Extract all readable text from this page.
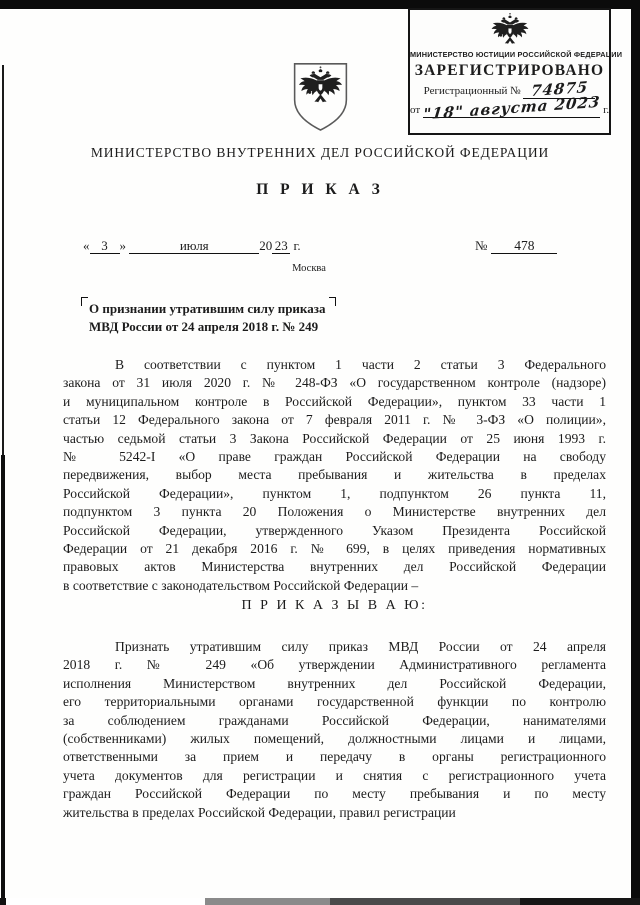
МИНИСТЕРСТВО ЮСТИЦИИ РОССИЙСКОЙ ФЕДЕРАЦИИ
ЗАРЕГИСТРИРОВАНО
Регистрационный № 74875
от "18" августа 2023 г.
МИНИСТЕРСТВО ВНУТРЕННИХ ДЕЛ РОССИЙСКОЙ ФЕДЕРАЦИИ
П Р И К А З
« 3 »	июля	20 23 г.	№ 478
Москва
О признании утратившим силу приказа
МВД России от 24 апреля 2018 г. № 249
В соответствии с пунктом 1 части 2 статьи 3 Федерального
закона от 31 июля 2020 г. № 248-ФЗ «О государственном контроле (надзоре)
и муниципальном контроле в Российской Федерации», пунктом 33 части 1
статьи 12 Федерального закона от 7 февраля 2011 г. № 3-ФЗ «О полиции»,
частью седьмой статьи 3 Закона Российской Федерации от 25 июня 1993 г.
№ 5242-I «О праве граждан Российской Федерации на свободу
передвижения, выбор места пребывания и жительства в пределах
Российской Федерации», пунктом 1, подпунктом 26 пункта 11,
подпунктом 3 пункта 20 Положения о Министерстве внутренних дел
Российской Федерации, утвержденного Указом Президента Российской
Федерации от 21 декабря 2016 г. № 699, в целях приведения нормативных
правовых актов Министерства внутренних дел Российской Федерации
в соответствие с законодательством Российской Федерации –
П Р И К А З Ы В А Ю:
Признать утратившим силу приказ МВД России от 24 апреля
2018 г. № 249 «Об утверждении Административного регламента
исполнения Министерством внутренних дел Российской Федерации,
его территориальными органами государственной функции по контролю
за соблюдением гражданами Российской Федерации, нанимателями
(собственниками) жилых помещений, должностными лицами и лицами,
ответственными за прием и передачу в органы регистрационного
учета документов для регистрации и снятия с регистрационного учета
граждан Российской Федерации по месту пребывания и по месту
жительства в пределах Российской Федерации, правил регистрации
